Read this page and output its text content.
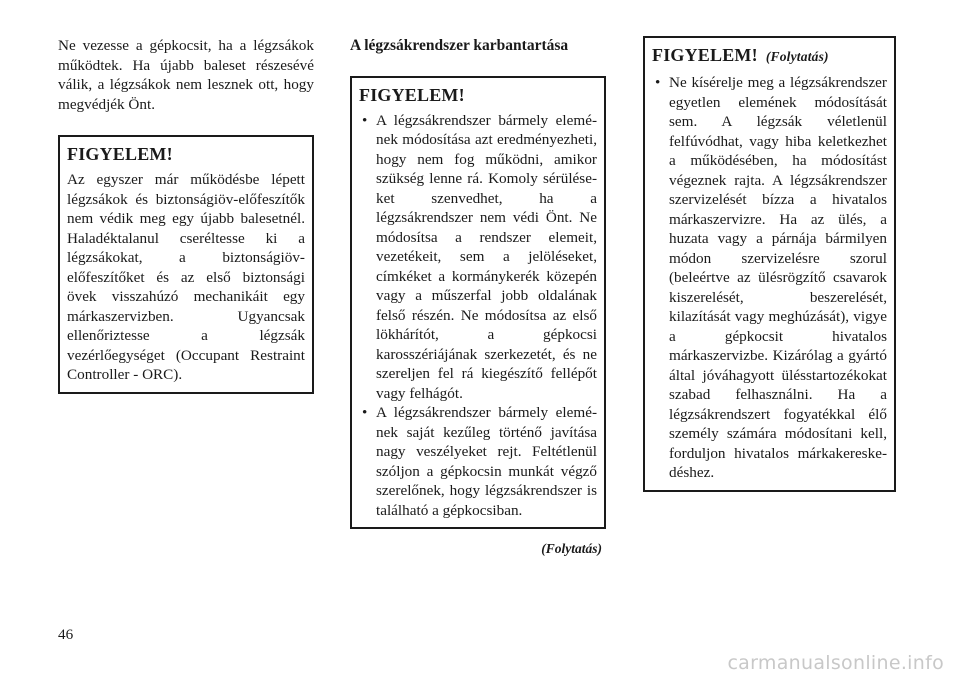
Ne vezesse a gépkocsit, ha a légzsákok működtek. Ha újabb baleset részesévé válik, a légzsákok nem lesznek ott, hogy megvédjék Önt.

FIGYELEM!

Az egyszer már működésbe lépett légzsákok és biztonságiöv-előfeszítők nem védik meg egy újabb balesetnél. Haladéktalanul cseréltesse ki a légzsákokat, a biztonságiöv-előfeszítőket és az első biztonsági övek visszahúzó mechanikáit egy márkaszervizben. Ugyancsak ellenőriztesse a légzsák vezérlőegységet (Occupant Restraint Controller - ORC).

A légzsákrendszer karbantartása
FIGYELEM!
• A légzsákrendszer bármely elemének módosítása azt eredményezheti, hogy nem fog működni, amikor szükség lenne rá. Komoly sérüléseket szenvedhet, ha a légzsákrendszer nem védi Önt. Ne módosítsa a rendszer elemeit, vezetékeit, sem a jelöléseket, címkéket a kormánykerék közepén vagy a műszerfal jobb oldalának felső részén. Ne módosítsa az első lökhárítót, a gépkocsi karosszériájának szerkezetét, és ne szereljen fel rá kiegészítő fellépőt vagy felhágót.
• A légzsákrendszer bármely elemének saját kezűleg történő javítása nagy veszélyeket rejt. Feltétlenül szóljon a gépkocsin munkát végző szerelőnek, hogy légzsákrendszer is található a gépkocsiban.
(Folytatás)
FIGYELEM! (Folytatás)
• Ne kísérelje meg a légzsákrendszer egyetlen elemének módosítását sem. A légzsák véletlenül felfúvódhat, vagy hiba keletkezhet a működésében, ha módosítást végeznek rajta. A légzsákrendszer szervizelését bízza a hivatalos márkaszervizre. Ha az ülés, a huzata vagy a párnája bármilyen módon szervizelésre szorul (beleértve az ülésrögzítő csavarok kiszerelését, beszerelését, kilazítását vagy meghúzását), vigye a gépkocsit hivatalos márkaszervizbe. Kizárólag a gyártó által jóváhagyott ülésstartozékokat szabad felhasználni. Ha a légzsákrendszert fogyatékkal élő személy számára módosítani kell, forduljon hivatalos márkakereskedéshez.
46
carmanualsonline.info
